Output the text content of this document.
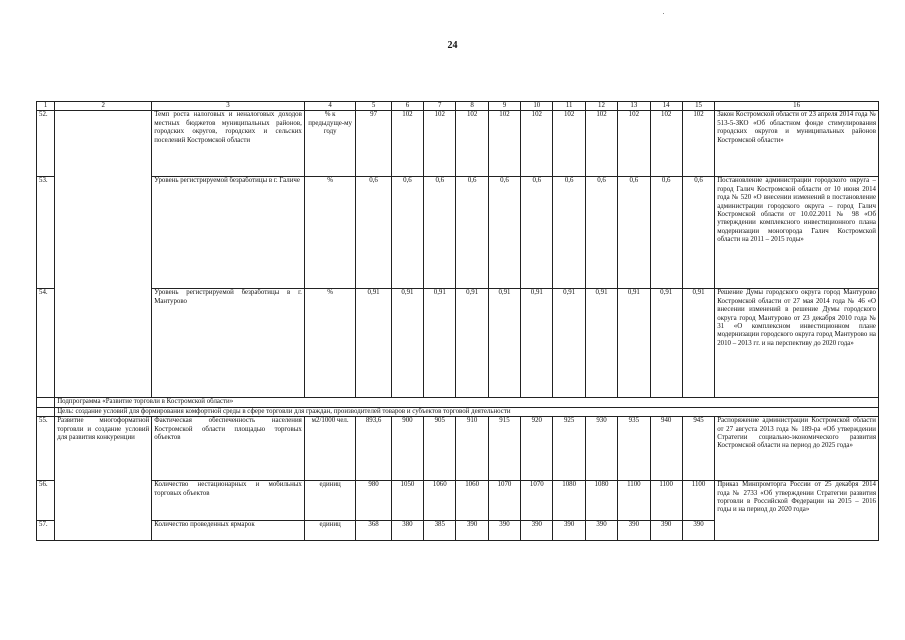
24
1	2	3	4	5	6	7	8	9	10	11	12	13	14	15	16
52.		Темп роста налоговых и неналоговых доходов местных бюджетов муниципальных районов, городских округов, городских и сельских поселений Костромской области	% к предыдуще-му году	97	102	102	102	102	102	102	102	102	102	102	Закон Костромской области от 23 апреля 2014 года № 513-5-ЗКО «Об областном фонде стимулирования городских округов и муниципальных районов Костромской области»
53.		Уровень регистрируемой безработицы в г. Галиче	%	0,6	0,6	0,6	0,6	0,6	0,6	0,6	0,6	0,6	0,6	0,6	Постановление администрации городского округа – город Галич Костромской области от 10 июня 2014 года № 520 «О внесении изменений в постановление администрации городского округа – город Галич Костромской области от 10.02.2011 № 98 «Об утверждении комплексного инвестиционного плана модернизации моногорода Галич Костромской области на 2011 – 2015 годы»
54.		Уровень регистрируемой безработицы в г. Мантурово	%	0,91	0,91	0,91	0,91	0,91	0,91	0,91	0,91	0,91	0,91	0,91	Решение Думы городского округа город Мантурово Костромской области от 27 мая 2014 года № 46 «О внесении изменений в решение Думы городского округа город Мантурово от 23 декабря 2010 года № 31 «О комплексном инвестиционном плане модернизации городского округа город Мантурово на 2010 – 2013 гг. и на перспективу до 2020 года»
	Подпрограмма «Развитие торговли в Костромской области»														
	Цель: создание условий для формирования комфортной среды в сфере торговли для граждан, производителей товаров и субъектов торговой деятельности														
55.	Развитие многоформатной торговли и создание условий для развития конкуренции	Фактическая обеспеченность населения Костромской области площадью торговых объектов	м2/1000 чел.	893,6	900	905	910	915	920	925	930	935	940	945	Распоряжение администрации Костромской области от 27 августа 2013 года № 189-ра «Об утверждении Стратегии социально-экономического развития Костромской области на период до 2025 года»
56.		Количество нестационарных и мобильных торговых объектов	единиц	980	1050	1060	1060	1070	1070	1080	1080	1100	1100	1100	Приказ Минпромторга России от 25 декабря 2014 года № 2733 «Об утверждении Стратегии развития торговли в Российской Федерации на 2015 – 2016 годы и на период до 2020 года»
57.		Количество проведенных ярмарок	единиц	368	380	385	390	390	390	390	390	390	390	390	
